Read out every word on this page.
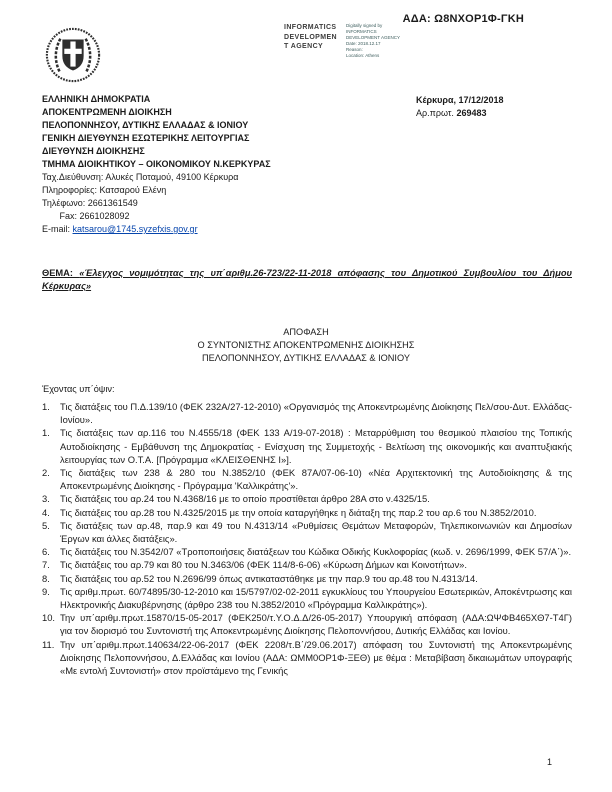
ΑΔΑ: Ω8ΝΧΟΡ1Φ-ΓΚΗ
INFORMATICS
DEVELOPMEN
T AGENCY
Digitally signed by
INFORMATICS
DEVELOPMENT AGENCY
Date: 2018.12.17
Reason:
Location: Athens
ΕΛΛΗΝΙΚΗ ΔΗΜΟΚΡΑΤΙΑ
ΑΠΟΚΕΝΤΡΩΜΕΝΗ ΔΙΟΙΚΗΣΗ
ΠΕΛΟΠΟΝΝΗΣΟΥ, ΔΥΤΙΚΗΣ ΕΛΛΑΔΑΣ & ΙΟΝΙΟΥ
ΓΕΝΙΚΗ ΔΙΕΥΘΥΝΣΗ ΕΣΩΤΕΡΙΚΗΣ ΛΕΙΤΟΥΡΓΙΑΣ
ΔΙΕΥΘΥΝΣΗ ΔΙΟΙΚΗΣΗΣ
ΤΜΗΜΑ ΔΙΟΙΚΗΤΙΚΟΥ – ΟΙΚΟΝΟΜΙΚΟΥ Ν.ΚΕΡΚΥΡΑΣ
Ταχ.Διεύθυνση: Αλυκές Ποταμού, 49100 Κέρκυρα
Πληροφορίες: Κατσαρού Ελένη
Τηλέφωνο: 2661361549
Fax: 2661028092
E-mail: katsarou@1745.syzefxis.gov.gr
Κέρκυρα, 17/12/2018
Αρ.πρωτ. 269483
ΘΕΜΑ: «Έλεγχος νομιμότητας της υπ΄αριθμ.26-723/22-11-2018 απόφασης του Δημοτικού Συμβουλίου του Δήμου Κέρκυρας»
ΑΠΟΦΑΣΗ
Ο ΣΥΝΤΟΝΙΣΤΗΣ ΑΠΟΚΕΝΤΡΩΜΕΝΗΣ ΔΙΟΙΚΗΣΗΣ
ΠΕΛΟΠΟΝΝΗΣΟΥ, ΔΥΤΙΚΗΣ ΕΛΛΑΔΑΣ & ΙΟΝΙΟΥ
Έχοντας υπ΄όψιν:
1.	Τις διατάξεις του Π.Δ.139/10 (ΦΕΚ 232Α/27-12-2010) «Οργανισμός της Αποκεντρωμένης Διοίκησης Πελ/σου-Δυτ. Ελλάδας-Ιονίου».
1.	Τις διατάξεις των αρ.116 του Ν.4555/18 (ΦΕΚ 133 Α/19-07-2018) : Μεταρρύθμιση του θεσμικού πλαισίου της Τοπικής Αυτοδιοίκησης - Εμβάθυνση της Δημοκρατίας - Ενίσχυση της Συμμετοχής - Βελτίωση της οικονομικής και αναπτυξιακής λειτουργίας των Ο.Τ.Α. [Πρόγραμμα «ΚΛΕΙΣΘΕΝΗΣ Ι»].
2.	Τις διατάξεις των 238 & 280 του Ν.3852/10 (ΦΕΚ 87Α/07-06-10) «Νέα Αρχιτεκτονική της Αυτοδιοίκησης & της Αποκεντρωμένης Διοίκησης - Πρόγραμμα 'Καλλικράτης'».
3.	Τις διατάξεις του αρ.24 του Ν.4368/16 με το οποίο προστίθεται άρθρο 28Α στο ν.4325/15.
4.	Τις διατάξεις του αρ.28 του Ν.4325/2015 με την οποία καταργήθηκε η διάταξη της παρ.2 του αρ.6 του Ν.3852/2010.
5.	Τις διατάξεις των αρ.48, παρ.9 και 49 του Ν.4313/14 «Ρυθμίσεις Θεμάτων Μεταφορών, Τηλεπικοινωνιών και Δημοσίων Έργων και άλλες διατάξεις».
6.	Τις διατάξεις του Ν.3542/07 «Τροποποιήσεις διατάξεων του Κώδικα Οδικής Κυκλοφορίας (κωδ. ν. 2696/1999, ΦΕΚ 57/Α΄)».
7.	Τις διατάξεις του αρ.79 και 80 του Ν.3463/06 (ΦΕΚ 114/8-6-06) «Κύρωση Δήμων και Κοινοτήτων».
8.	Τις διατάξεις του αρ.52 του Ν.2696/99 όπως αντικαταστάθηκε με την παρ.9 του αρ.48 του Ν.4313/14.
9.	Τις αριθμ.πρωτ. 60/74895/30-12-2010 και 15/5797/02-02-2011 εγκυκλίους του Υπουργείου Εσωτερικών, Αποκέντρωσης και Ηλεκτρονικής Διακυβέρνησης (άρθρο 238 του Ν.3852/2010 «Πρόγραμμα Καλλικράτης»).
10. Την υπ΄αριθμ.πρωτ.15870/15-05-2017 (ΦΕΚ250/τ.Υ.Ο.Δ.Δ/26-05-2017) Υπουργική απόφαση (ΑΔΑ:ΩΨΦΒ465ΧΘ7-Τ4Γ) για τον διορισμό του Συντονιστή της Αποκεντρωμένης Διοίκησης Πελοποννήσου, Δυτικής Ελλάδας και Ιονίου.
11. Την υπ΄αριθμ.πρωτ.140634/22-06-2017 (ΦΕΚ 2208/τ.Β΄/29.06.2017) απόφαση του Συντονιστή της Αποκεντρωμένης Διοίκησης Πελοποννήσου, Δ.Ελλάδας και Ιονίου (ΑΔΑ: ΩΜΜ0ΟΡ1Φ-ΞΕΘ) με θέμα : Μεταβίβαση δικαιωμάτων υπογραφής «Με εντολή Συντονιστή» στον προϊστάμενο της Γενικής
1
